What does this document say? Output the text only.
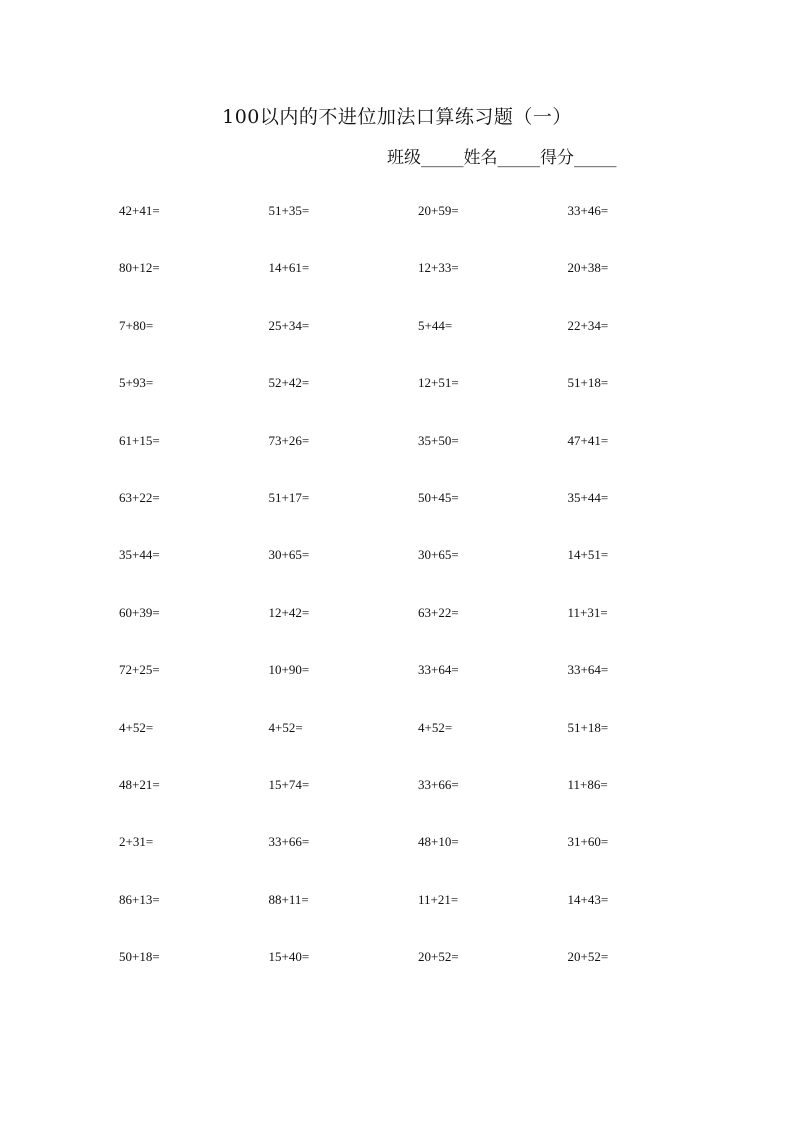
100以内的不进位加法口算练习题（一）
班级_____姓名_____得分_____
42+41=	51+35=	20+59=	33+46=
80+12=	14+61=	12+33=	20+38=
7+80=	25+34=	5+44=	22+34=
5+93=	52+42=	12+51=	51+18=
61+15=	73+26=	35+50=	47+41=
63+22=	51+17=	50+45=	35+44=
35+44=	30+65=	30+65=	14+51=
60+39=	12+42=	63+22=	11+31=
72+25=	10+90=	33+64=	33+64=
4+52=	4+52=	4+52=	51+18=
48+21=	15+74=	33+66=	11+86=
2+31=	33+66=	48+10=	31+60=
86+13=	88+11=	11+21=	14+43=
50+18=	15+40=	20+52=	20+52=
